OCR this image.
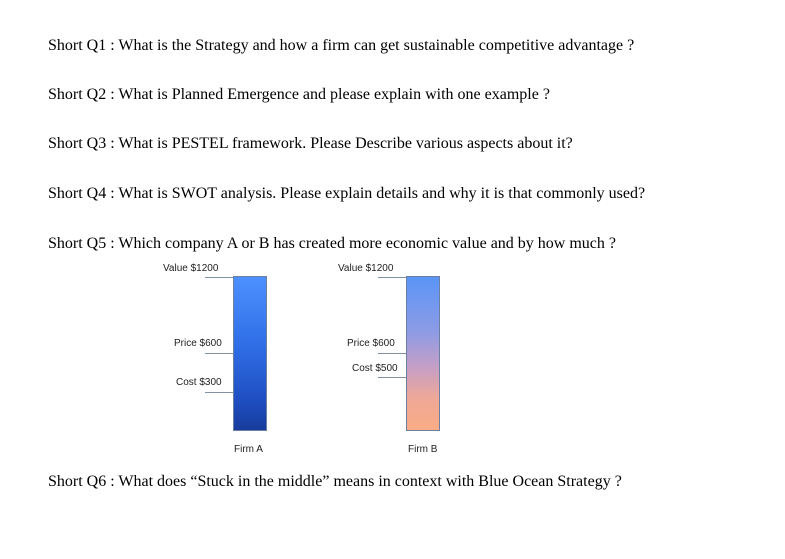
Short Q1 : What is the Strategy and how a firm can get sustainable competitive advantage ?
Short Q2 : What is Planned Emergence and please explain with one example ?
Short Q3 : What is PESTEL framework. Please Describe various aspects about it?
Short Q4 : What is SWOT analysis. Please explain details and why it is that commonly used?
Short Q5 : Which company A or B has created more economic value and by how much ?
Value $1200
Price $600
Cost $300
Firm A
Value $1200
Price $600
Cost $500
Firm B
Short Q6 : What does “Stuck in the middle” means in context with Blue Ocean Strategy ?
